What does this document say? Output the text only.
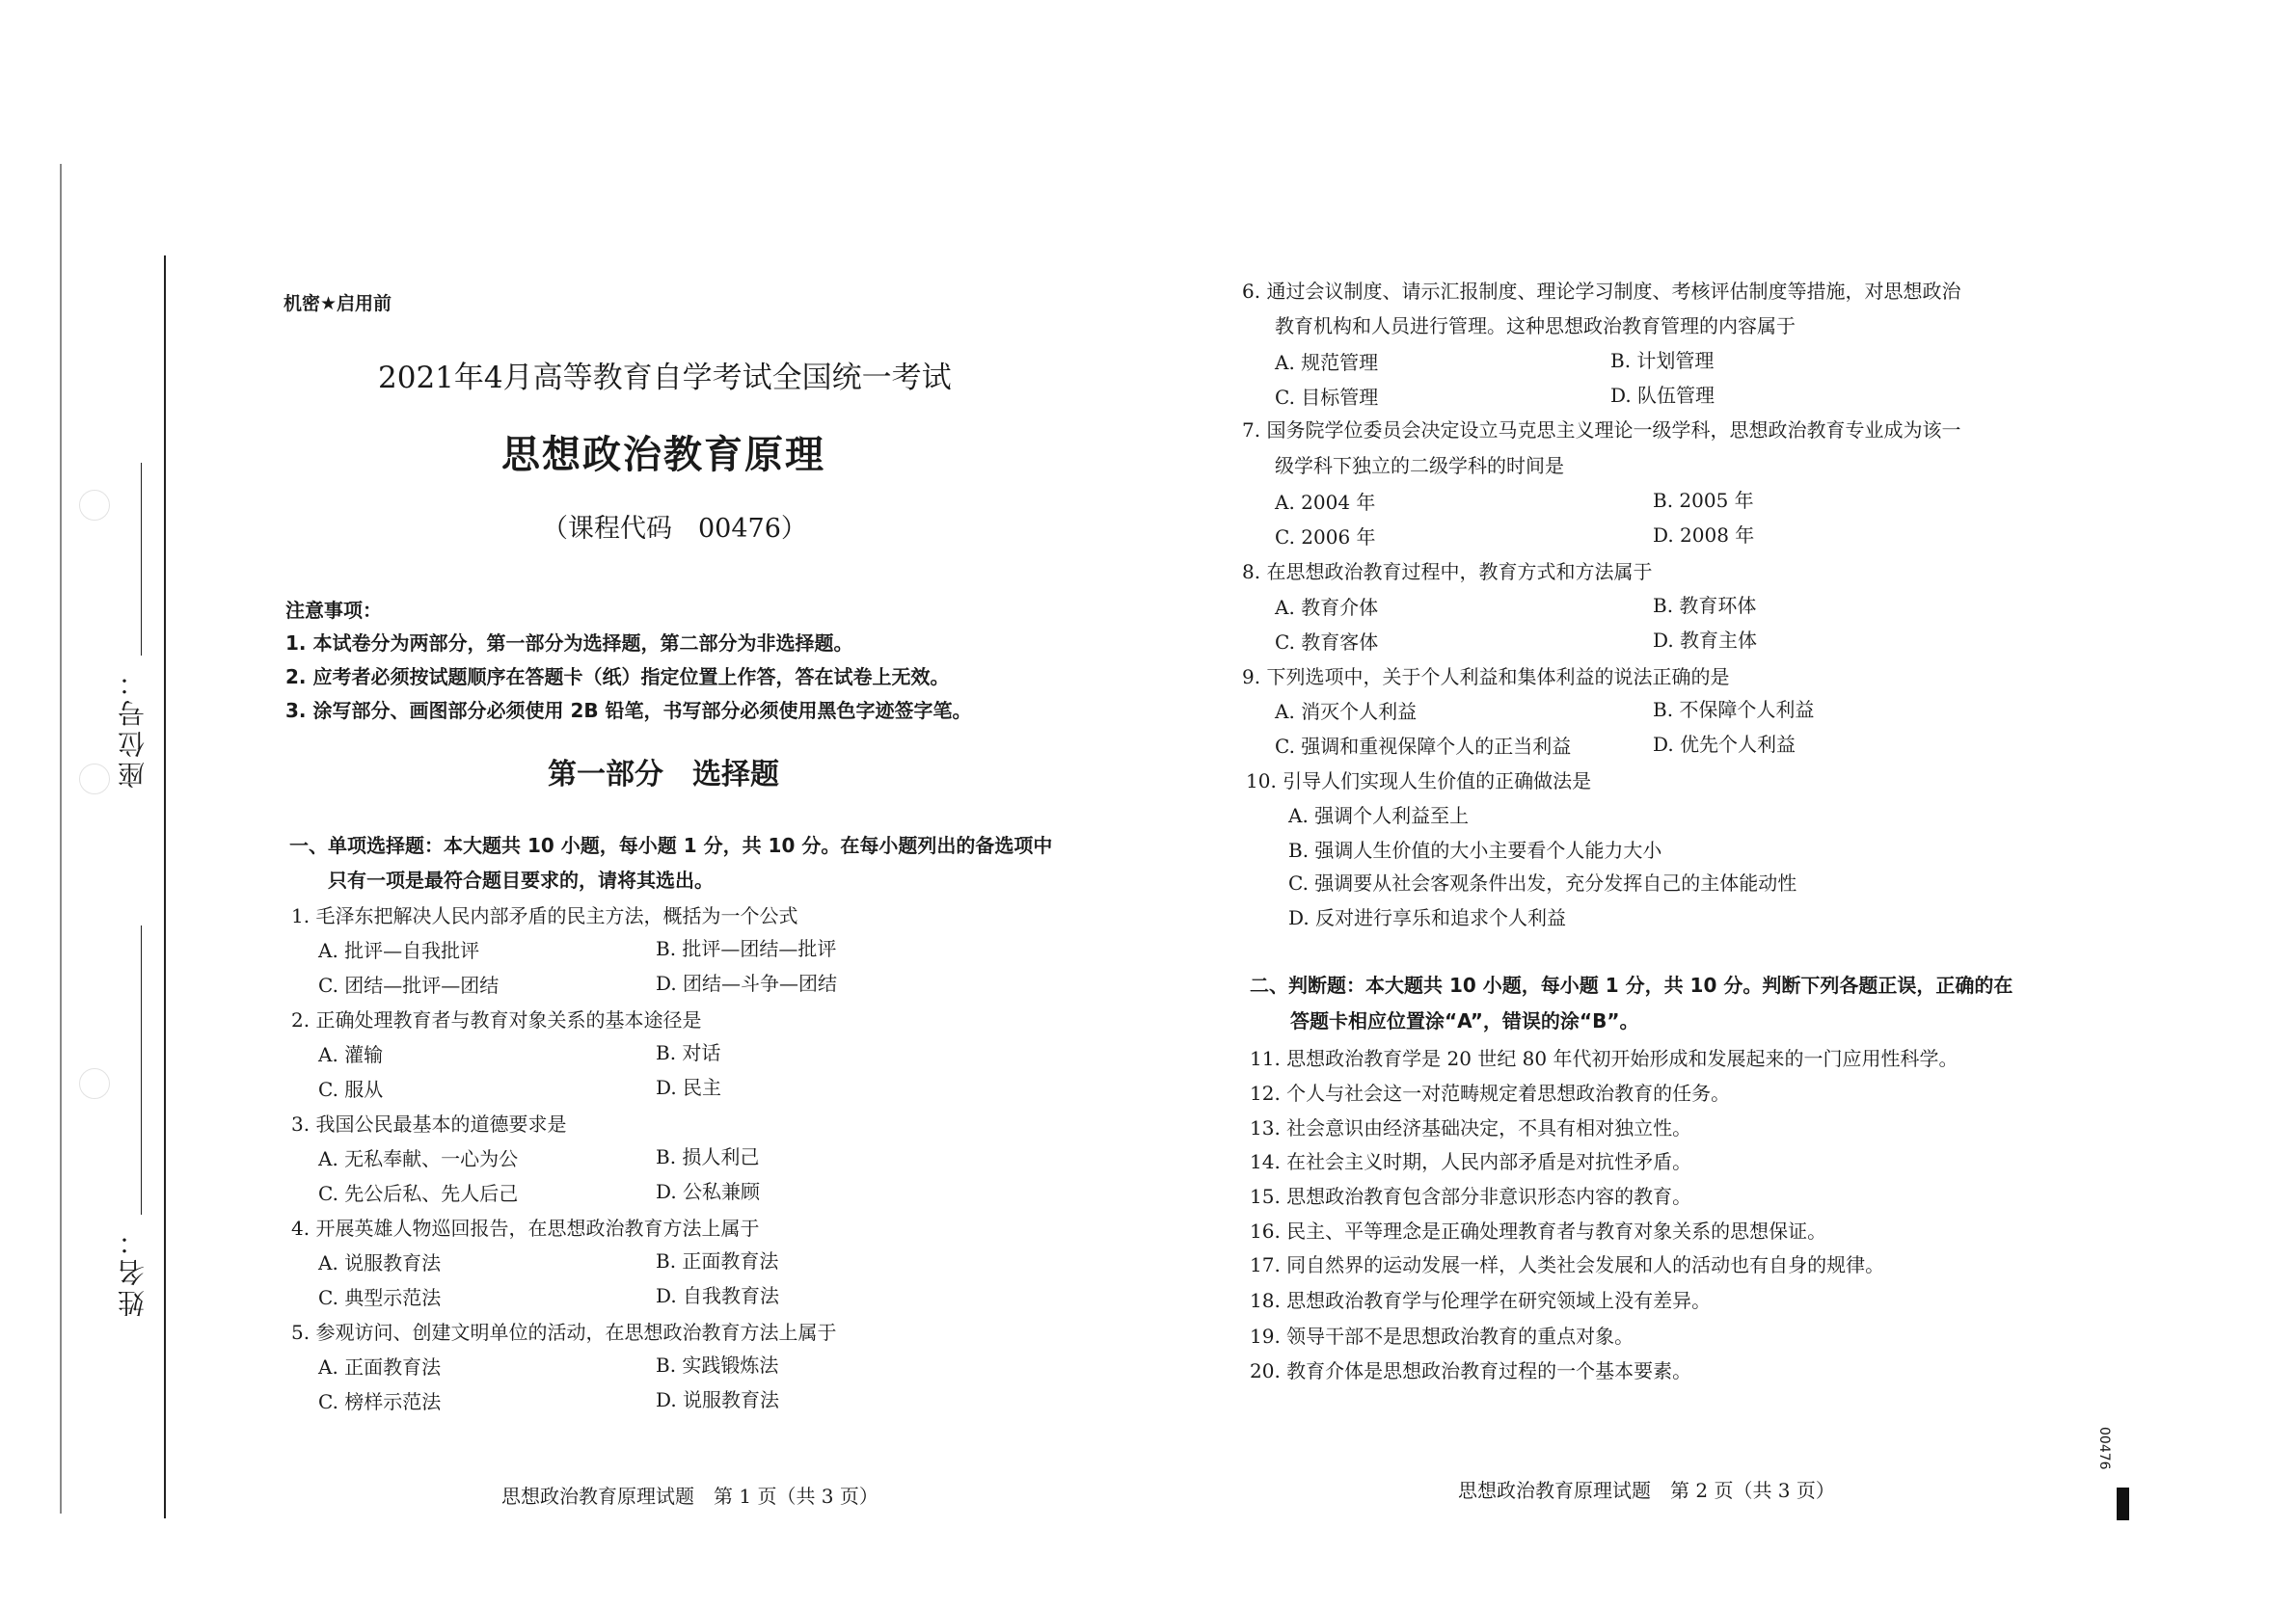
座位号：
姓名：
机密★启用前
2021年4月高等教育自学考试全国统一考试
思想政治教育原理
（课程代码　00476）
注意事项：
1. 本试卷分为两部分，第一部分为选择题，第二部分为非选择题。
2. 应考者必须按试题顺序在答题卡（纸）指定位置上作答，答在试卷上无效。
3. 涂写部分、画图部分必须使用 2B 铅笔，书写部分必须使用黑色字迹签字笔。
第一部分　选择题
一、单项选择题：本大题共 10 小题，每小题 1 分，共 10 分。在每小题列出的备选项中
只有一项是最符合题目要求的，请将其选出。
1. 毛泽东把解决人民内部矛盾的民主方法，概括为一个公式
A. 批评—自我批评	B. 批评—团结—批评
C. 团结—批评—团结	D. 团结—斗争—团结
2. 正确处理教育者与教育对象关系的基本途径是
A. 灌输	B. 对话
C. 服从	D. 民主
3. 我国公民最基本的道德要求是
A. 无私奉献、一心为公	B. 损人利己
C. 先公后私、先人后己	D. 公私兼顾
4. 开展英雄人物巡回报告，在思想政治教育方法上属于
A. 说服教育法	B. 正面教育法
C. 典型示范法	D. 自我教育法
5. 参观访问、创建文明单位的活动，在思想政治教育方法上属于
A. 正面教育法	B. 实践锻炼法
C. 榜样示范法	D. 说服教育法
思想政治教育原理试题　第 1 页（共 3 页）
6. 通过会议制度、请示汇报制度、理论学习制度、考核评估制度等措施，对思想政治
教育机构和人员进行管理。这种思想政治教育管理的内容属于
A. 规范管理	B. 计划管理
C. 目标管理	D. 队伍管理
7. 国务院学位委员会决定设立马克思主义理论一级学科，思想政治教育专业成为该一
级学科下独立的二级学科的时间是
A. 2004 年	B. 2005 年
C. 2006 年	D. 2008 年
8. 在思想政治教育过程中，教育方式和方法属于
A. 教育介体	B. 教育环体
C. 教育客体	D. 教育主体
9. 下列选项中，关于个人利益和集体利益的说法正确的是
A. 消灭个人利益	B. 不保障个人利益
C. 强调和重视保障个人的正当利益	D. 优先个人利益
10. 引导人们实现人生价值的正确做法是
A. 强调个人利益至上
B. 强调人生价值的大小主要看个人能力大小
C. 强调要从社会客观条件出发，充分发挥自己的主体能动性
D. 反对进行享乐和追求个人利益
二、判断题：本大题共 10 小题，每小题 1 分，共 10 分。判断下列各题正误，正确的在
答题卡相应位置涂“A”，错误的涂“B”。
11. 思想政治教育学是 20 世纪 80 年代初开始形成和发展起来的一门应用性科学。
12. 个人与社会这一对范畴规定着思想政治教育的任务。
13. 社会意识由经济基础决定，不具有相对独立性。
14. 在社会主义时期，人民内部矛盾是对抗性矛盾。
15. 思想政治教育包含部分非意识形态内容的教育。
16. 民主、平等理念是正确处理教育者与教育对象关系的思想保证。
17. 同自然界的运动发展一样，人类社会发展和人的活动也有自身的规律。
18. 思想政治教育学与伦理学在研究领域上没有差异。
19. 领导干部不是思想政治教育的重点对象。
20. 教育介体是思想政治教育过程的一个基本要素。
思想政治教育原理试题　第 2 页（共 3 页）
00476
